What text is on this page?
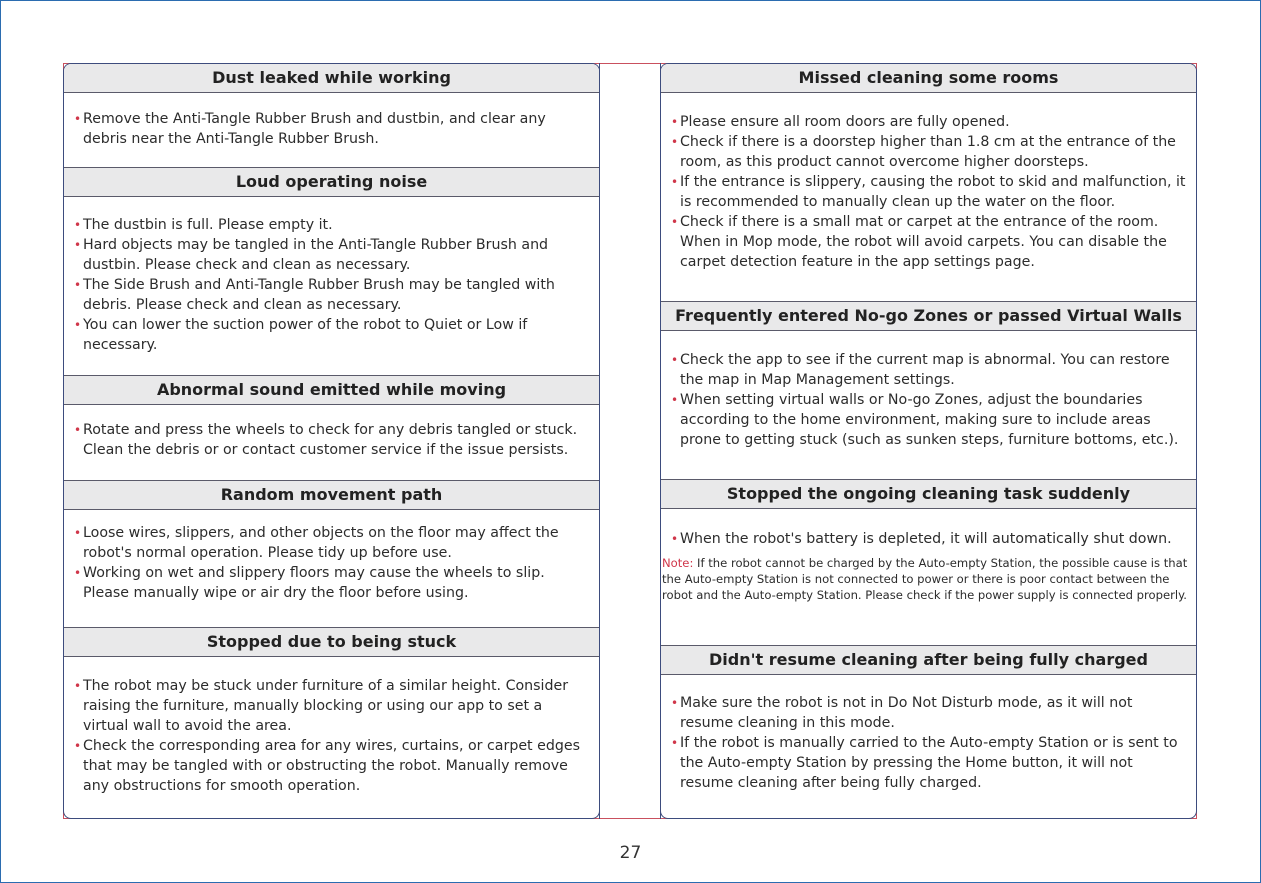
Dust leaked while working

• Remove the Anti-Tangle Rubber Brush and dustbin, and clear any debris near the Anti-Tangle Rubber Brush.

Loud operating noise

• The dustbin is full. Please empty it.

• Hard objects may be tangled in the Anti-Tangle Rubber Brush and dustbin. Please check and clean as necessary.

• The Side Brush and Anti-Tangle Rubber Brush may be tangled with debris. Please check and clean as necessary.

• You can lower the suction power of the robot to Quiet or Low if necessary.

Abnormal sound emitted while moving

• Rotate and press the wheels to check for any debris tangled or stuck. Clean the debris or or contact customer service if the issue persists.

Random movement path

• Loose wires, slippers, and other objects on the floor may affect the robot's normal operation. Please tidy up before use.

• Working on wet and slippery floors may cause the wheels to slip. Please manually wipe or air dry the floor before using.

Stopped due to being stuck

• The robot may be stuck under furniture of a similar height. Consider raising the furniture, manually blocking or using our app to set a virtual wall to avoid the area.

• Check the corresponding area for any wires, curtains, or carpet edges that may be tangled with or obstructing the robot. Manually remove any obstructions for smooth operation.

Missed cleaning some rooms

• Please ensure all room doors are fully opened.

• Check if there is a doorstep higher than 1.8 cm at the entrance of the room, as this product cannot overcome higher doorsteps.

• If the entrance is slippery, causing the robot to skid and malfunction, it is recommended to manually clean up the water on the floor.

• Check if there is a small mat or carpet at the entrance of the room. When in Mop mode, the robot will avoid carpets. You can disable the carpet detection feature in the app settings page.

Frequently entered No-go Zones or passed Virtual Walls

• Check the app to see if the current map is abnormal. You can restore the map in Map Management settings.

• When setting virtual walls or No-go Zones, adjust the boundaries according to the home environment, making sure to include areas prone to getting stuck (such as sunken steps, furniture bottoms, etc.).

Stopped the ongoing cleaning task suddenly

• When the robot's battery is depleted, it will automatically shut down.

Note: If the robot cannot be charged by the Auto-empty Station, the possible cause is that the Auto-empty Station is not connected to power or there is poor contact between the robot and the Auto-empty Station. Please check if the power supply is connected properly.

Didn't resume cleaning after being fully charged

• Make sure the robot is not in Do Not Disturb mode, as it will not resume cleaning in this mode.

• If the robot is manually carried to the Auto-empty Station or is sent to the Auto-empty Station by pressing the Home button, it will not resume cleaning after being fully charged.

27
